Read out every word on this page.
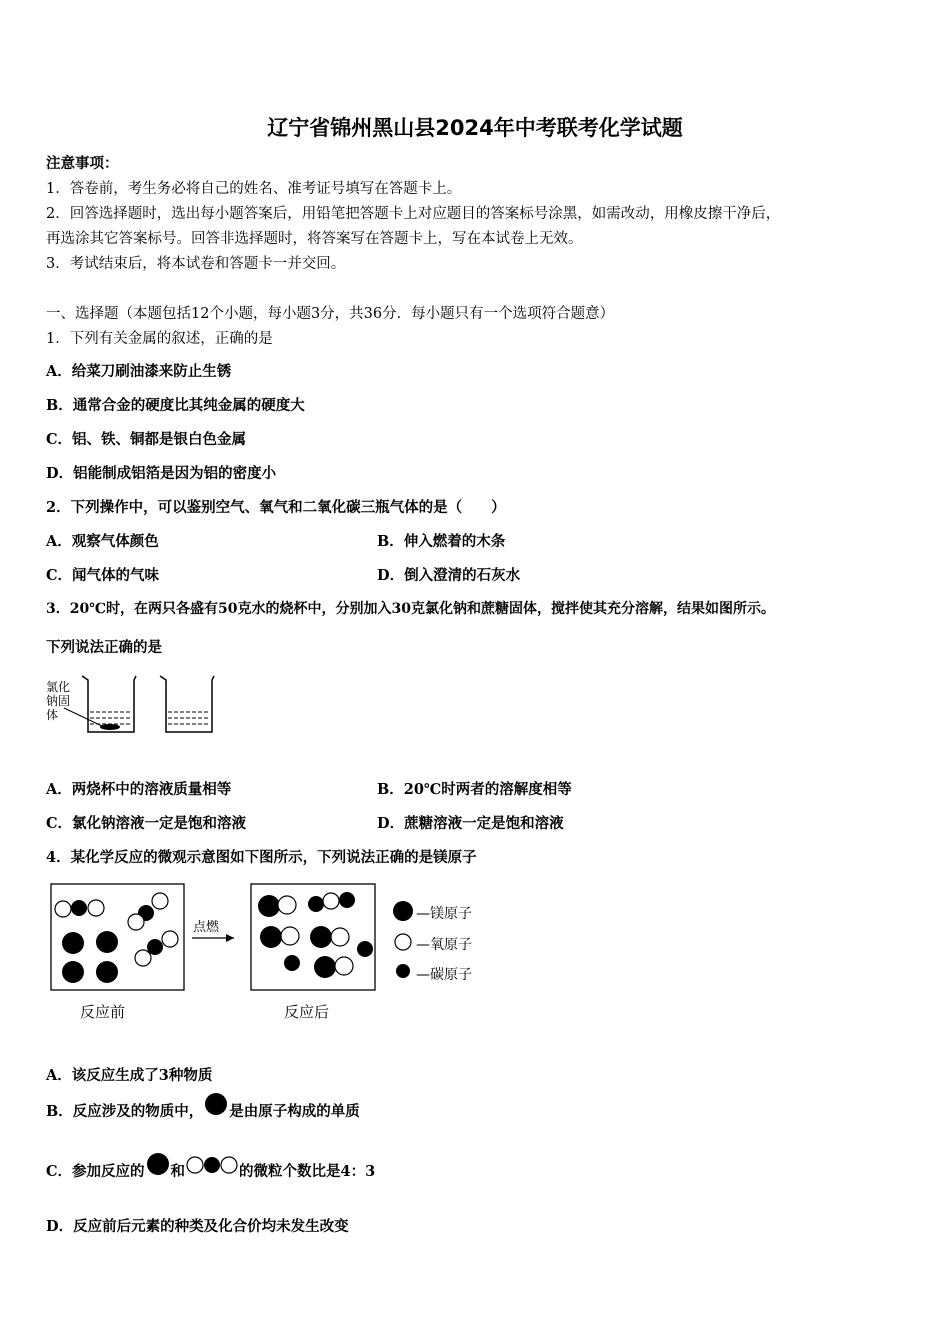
辽宁省锦州黑山县2024年中考联考化学试题
注意事项：
1．答卷前，考生务必将自己的姓名、准考证号填写在答题卡上。
2．回答选择题时，选出每小题答案后，用铅笔把答题卡上对应题目的答案标号涂黑，如需改动，用橡皮擦干净后，
再选涂其它答案标号。回答非选择题时，将答案写在答题卡上，写在本试卷上无效。
3．考试结束后，将本试卷和答题卡一并交回。
一、选择题（本题包括12个小题，每小题3分，共36分．每小题只有一个选项符合题意）
1．下列有关金属的叙述，正确的是
A．给菜刀刷油漆来防止生锈
B．通常合金的硬度比其纯金属的硬度大
C．铝、铁、铜都是银白色金属
D．铝能制成铝箔是因为铝的密度小
2．下列操作中，可以鉴别空气、氧气和二氧化碳三瓶气体的是（　　）
A．观察气体颜色	B．伸入燃着的木条
C．闻气体的气味	D．倒入澄清的石灰水
3．20℃时，在两只各盛有50克水的烧杯中，分别加入30克氯化钠和蔗糖固体，搅拌使其充分溶解，结果如图所示。
下列说法正确的是
氯化
钠固
体
A．两烧杯中的溶液质量相等	B．20℃时两者的溶解度相等
C．氯化钠溶液一定是饱和溶液	D．蔗糖溶液一定是饱和溶液
4．某化学反应的微观示意图如下图所示，下列说法正确的是镁原子
点燃
—镁原子
—氧原子
—碳原子
反应前	反应后
A．该反应生成了3种物质
B．反应涉及的物质中， 是由原子构成的单质
C．参加反应的 和	的微粒个数比是4：3
D．反应前后元素的种类及化合价均未发生改变
